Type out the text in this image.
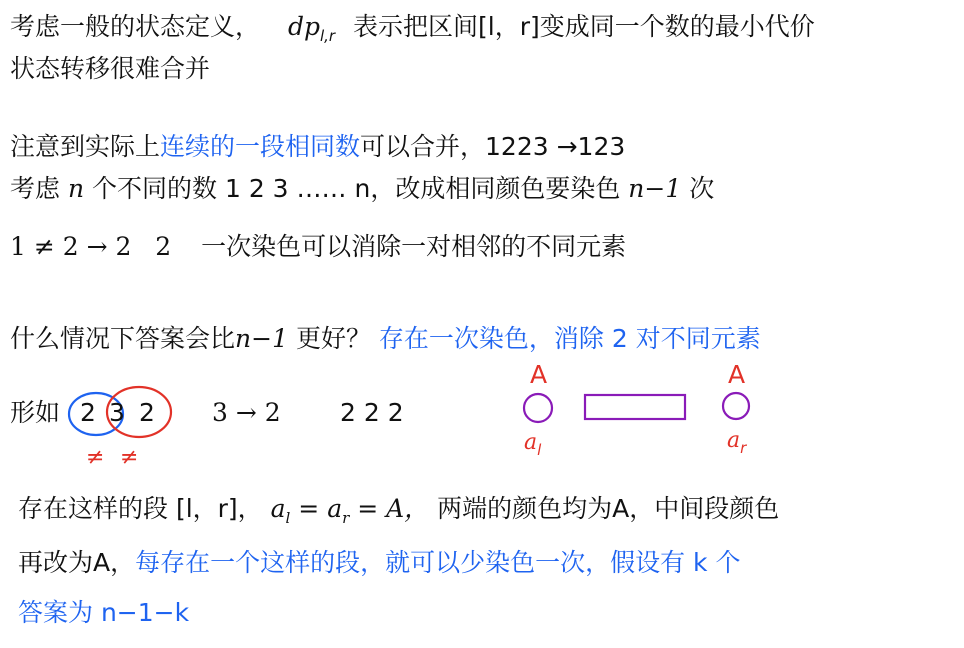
考虑一般的状态定义， $dp_{l,r}$ 表示把区间[l，r]变成同一个数的最小代价
状态转移很难合并
注意到实际上连续的一段相同数可以合并，1223 →123
考虑 n 个不同的数 1 2 3 …… n，改成相同颜色要染色 n−1 次
1 ≠ 2 → 2   2 一次染色可以消除一对相邻的不同元素
什么情况下答案会比n−1 更好？ 存在一次染色，消除 2 对不同元素
形如 2 3 2
≠ ≠
3 → 2 2 2 2
A	A
$a_l$	$a_r$
存在这样的段 [l，r]， $a_l = a_r = A$， 两端的颜色均为A，中间段颜色
再改为A，每存在一个这样的段，就可以少染色一次，假设有 k 个
答案为 n−1−k
